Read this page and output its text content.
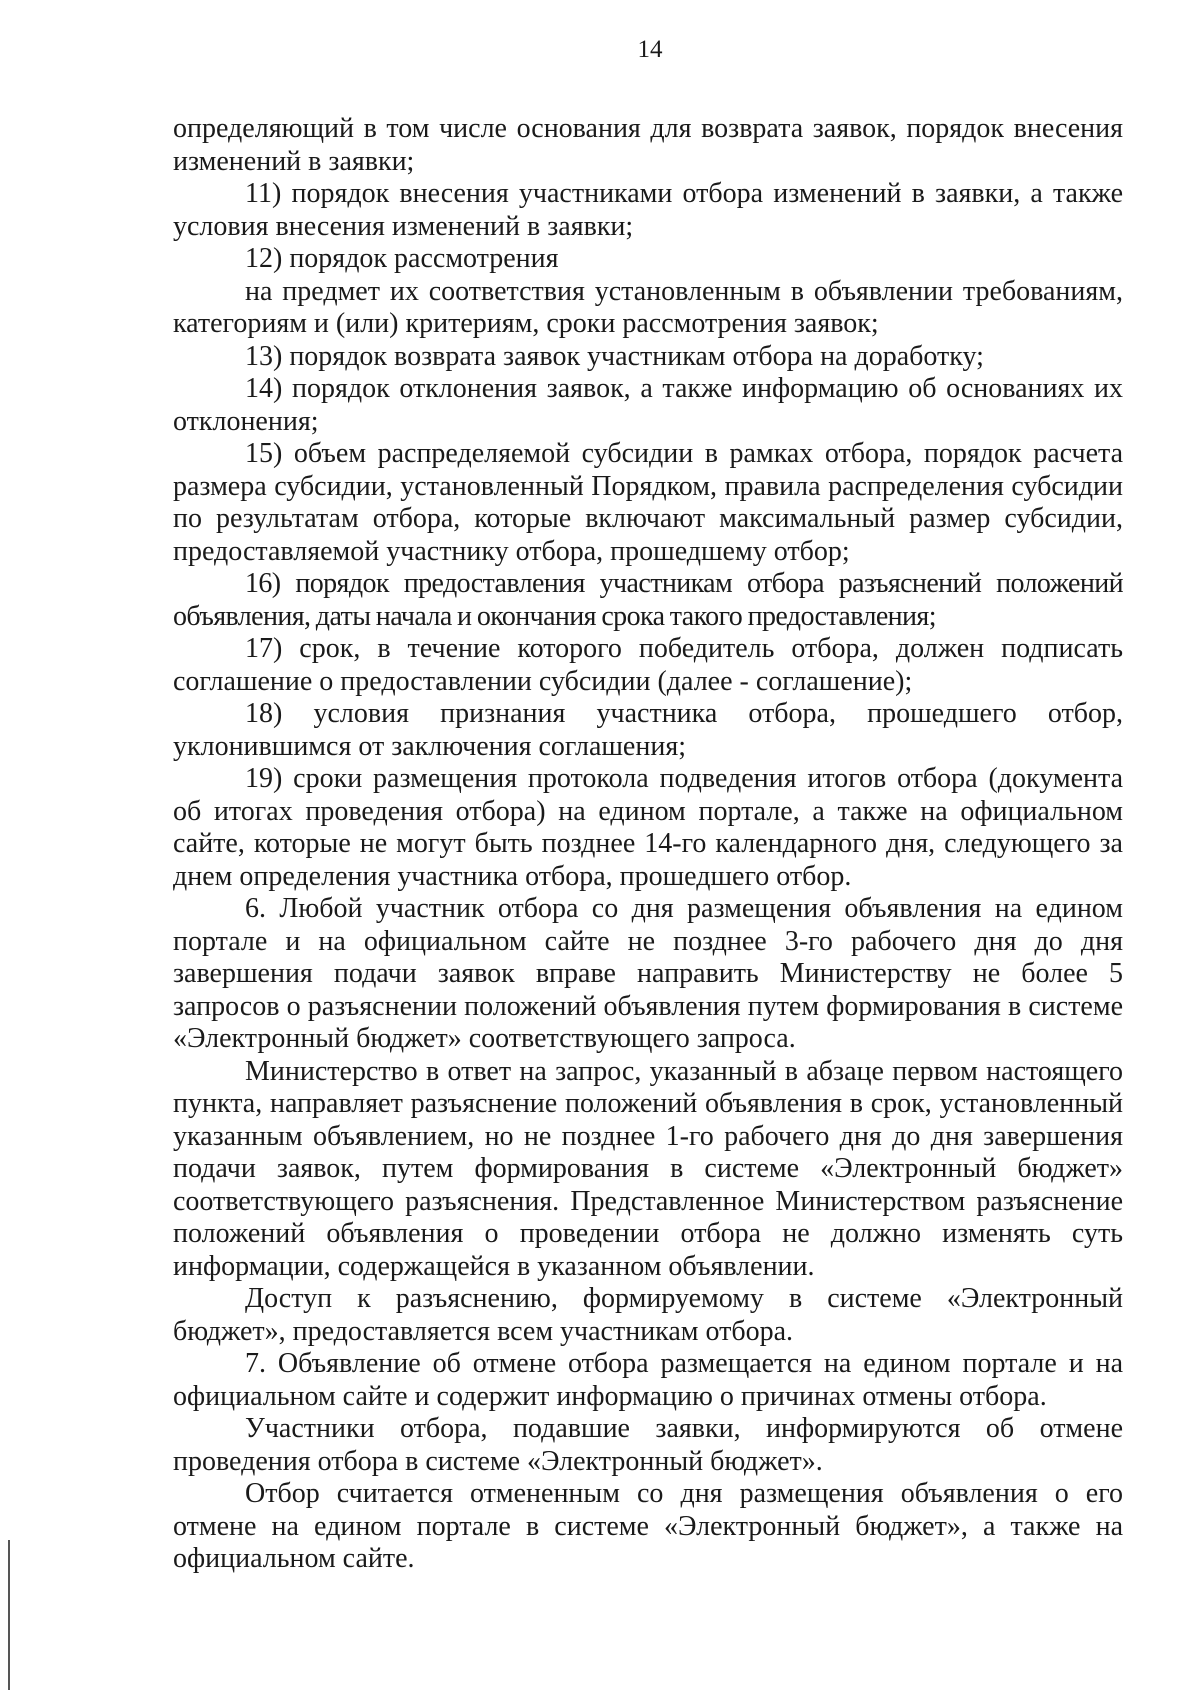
14

определяющий в том числе основания для возврата заявок, порядок внесения изменений в заявки;

11) порядок внесения участниками отбора изменений в заявки, а также условия внесения изменений в заявки;

12) порядок рассмотрения

на предмет их соответствия установленным в объявлении требованиям, категориям и (или) критериям, сроки рассмотрения заявок;

13) порядок возврата заявок участникам отбора на доработку;

14) порядок отклонения заявок, а также информацию об основаниях их отклонения;

15) объем распределяемой субсидии в рамках отбора, порядок расчета размера субсидии, установленный Порядком, правила распределения субсидии по результатам отбора, которые включают максимальный размер субсидии, предоставляемой участнику отбора, прошедшему отбор;

16) порядок предоставления участникам отбора разъяснений положений объявления, даты начала и окончания срока такого предоставления;

17) срок, в течение которого победитель отбора, должен подписать соглашение о предоставлении субсидии (далее - соглашение);

18) условия признания участника отбора, прошедшего отбор, уклонившимся от заключения соглашения;

19) сроки размещения протокола подведения итогов отбора (документа об итогах проведения отбора) на едином портале, а также на официальном сайте, которые не могут быть позднее 14-го календарного дня, следующего за днем определения участника отбора, прошедшего отбор.

6. Любой участник отбора со дня размещения объявления на едином портале и на официальном сайте не позднее 3-го рабочего дня до дня завершения подачи заявок вправе направить Министерству не более 5 запросов о разъяснении положений объявления путем формирования в системе «Электронный бюджет» соответствующего запроса.

Министерство в ответ на запрос, указанный в абзаце первом настоящего пункта, направляет разъяснение положений объявления в срок, установленный указанным объявлением, но не позднее 1-го рабочего дня до дня завершения подачи заявок, путем формирования в системе «Электронный бюджет» соответствующего разъяснения. Представленное Министерством разъяснение положений объявления о проведении отбора не должно изменять суть информации, содержащейся в указанном объявлении.

Доступ к разъяснению, формируемому в системе «Электронный бюджет», предоставляется всем участникам отбора.

7. Объявление об отмене отбора размещается на едином портале и на официальном сайте и содержит информацию о причинах отмены отбора.

Участники отбора, подавшие заявки, информируются об отмене проведения отбора в системе «Электронный бюджет».

Отбор считается отмененным со дня размещения объявления о его отмене на едином портале в системе «Электронный бюджет», а также на официальном сайте.
